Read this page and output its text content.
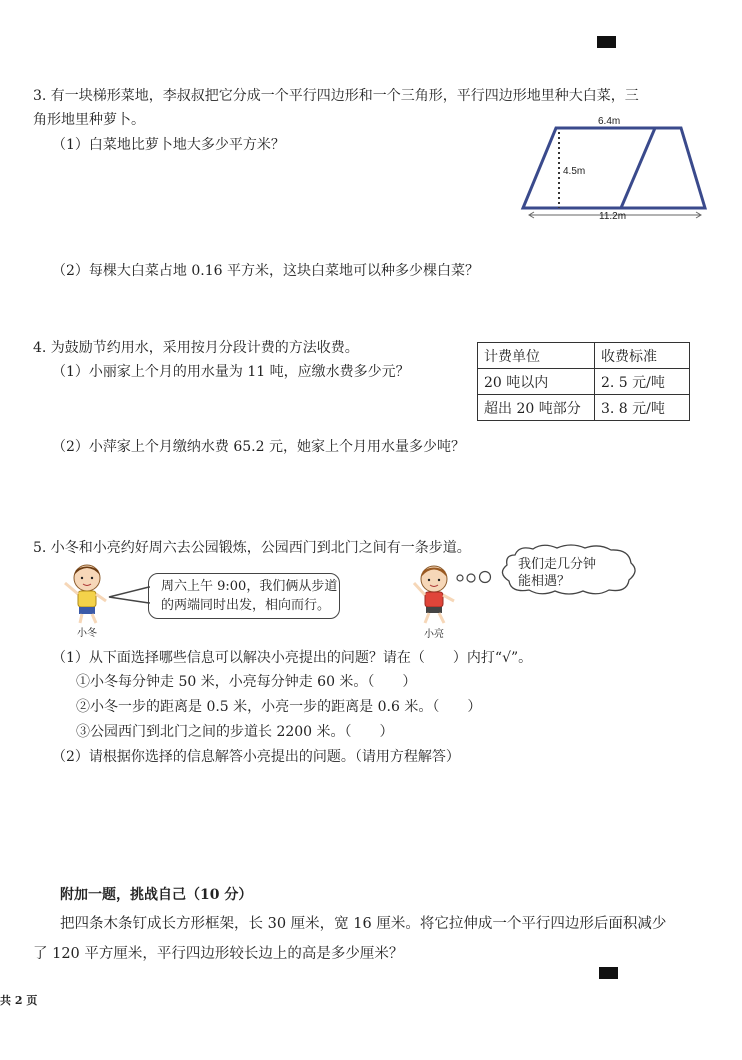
3. 有一块梯形菜地，李叔叔把它分成一个平行四边形和一个三角形，平行四边形地里种大白菜，三
角形地里种萝卜。
（1）白菜地比萝卜地大多少平方米？
6.4m
4.5m
11.2m
（2）每棵大白菜占地 0.16 平方米，这块白菜地可以种多少棵白菜？
4. 为鼓励节约用水，采用按月分段计费的方法收费。
（1）小丽家上个月的用水量为 11 吨，应缴水费多少元？
计费单位	收费标准
20 吨以内	2. 5 元/吨
超出 20 吨部分	3. 8 元/吨
（2）小萍家上个月缴纳水费 65.2 元，她家上个月用水量多少吨？
5. 小冬和小亮约好周六去公园锻炼，公园西门到北门之间有一条步道。
小冬
周六上午 9:00，我们俩从步道
的两端同时出发，相向而行。
小亮
我们走几分钟
能相遇？
（1）从下面选择哪些信息可以解决小亮提出的问题？请在（　　）内打“√”。
①小冬每分钟走 50 米，小亮每分钟走 60 米。（　　）
②小冬一步的距离是 0.5 米，小亮一步的距离是 0.6 米。（　　）
③公园西门到北门之间的步道长 2200 米。（　　）
（2）请根据你选择的信息解答小亮提出的问题。（请用方程解答）
附加一题，挑战自己（10 分）
把四条木条钉成长方形框架，长 30 厘米，宽 16 厘米。将它拉伸成一个平行四边形后面积减少
了 120 平方厘米，平行四边形较长边上的高是多少厘米？
共 2 页
